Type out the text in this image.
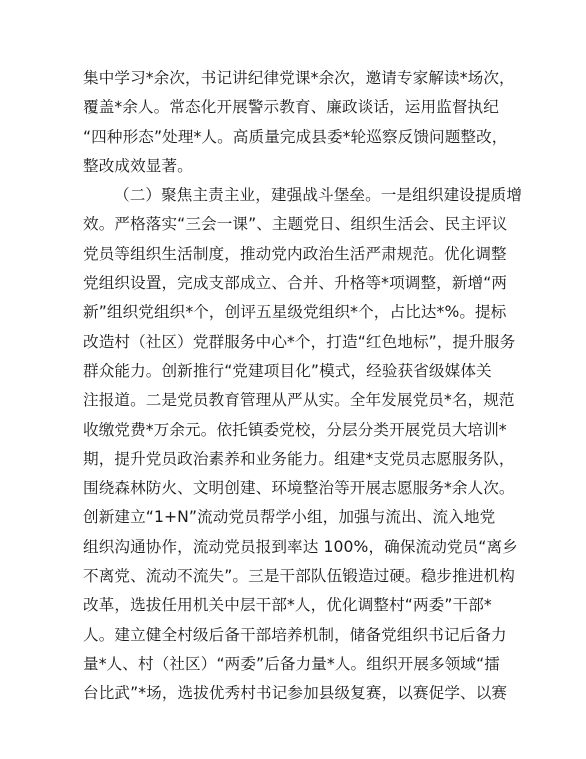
集中学习*余次，书记讲纪律党课*余次，邀请专家解读*场次，
覆盖*余人。常态化开展警示教育、廉政谈话，运用监督执纪
“四种形态”处理*人。高质量完成县委*轮巡察反馈问题整改，
整改成效显著。
（二）聚焦主责主业，建强战斗堡垒。一是组织建设提质增
效。严格落实“三会一课”、主题党日、组织生活会、民主评议
党员等组织生活制度，推动党内政治生活严肃规范。优化调整
党组织设置，完成支部成立、合并、升格等*项调整，新增“两
新”组织党组织*个，创评五星级党组织*个，占比达*%。提标
改造村（社区）党群服务中心*个，打造“红色地标”，提升服务
群众能力。创新推行“党建项目化”模式，经验获省级媒体关
注报道。二是党员教育管理从严从实。全年发展党员*名，规范
收缴党费*万余元。依托镇委党校，分层分类开展党员大培训*
期，提升党员政治素养和业务能力。组建*支党员志愿服务队，
围绕森林防火、文明创建、环境整治等开展志愿服务*余人次。
创新建立“1+N”流动党员帮学小组，加强与流出、流入地党
组织沟通协作，流动党员报到率达 100%，确保流动党员“离乡
不离党、流动不流失”。三是干部队伍锻造过硬。稳步推进机构
改革，选拔任用机关中层干部*人，优化调整村“两委”干部*
人。建立健全村级后备干部培养机制，储备党组织书记后备力
量*人、村（社区）“两委”后备力量*人。组织开展多领域“擂
台比武”*场，选拔优秀村书记参加县级复赛，以赛促学、以赛
